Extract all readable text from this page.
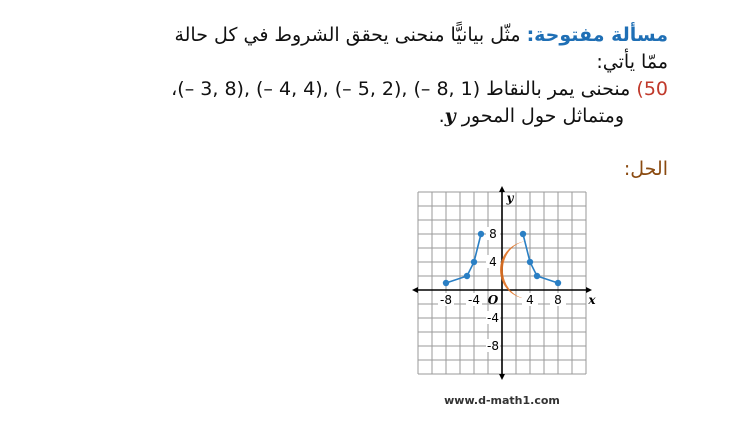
مسألة مفتوحة: مثّل بيانيًّا منحنى يحقق الشروط في كل حالة
ممّا يأتي:
50) منحنى يمر بالنقاط (1 ,8 –) ,(2 ,5 –) ,(4 ,4 –) ,(8 ,3 –)،
ومتماثل حول المحور y.
الحل:
-8 -4	4 8
8
4
-4
-8
O	x
y
www.d-math1.com
